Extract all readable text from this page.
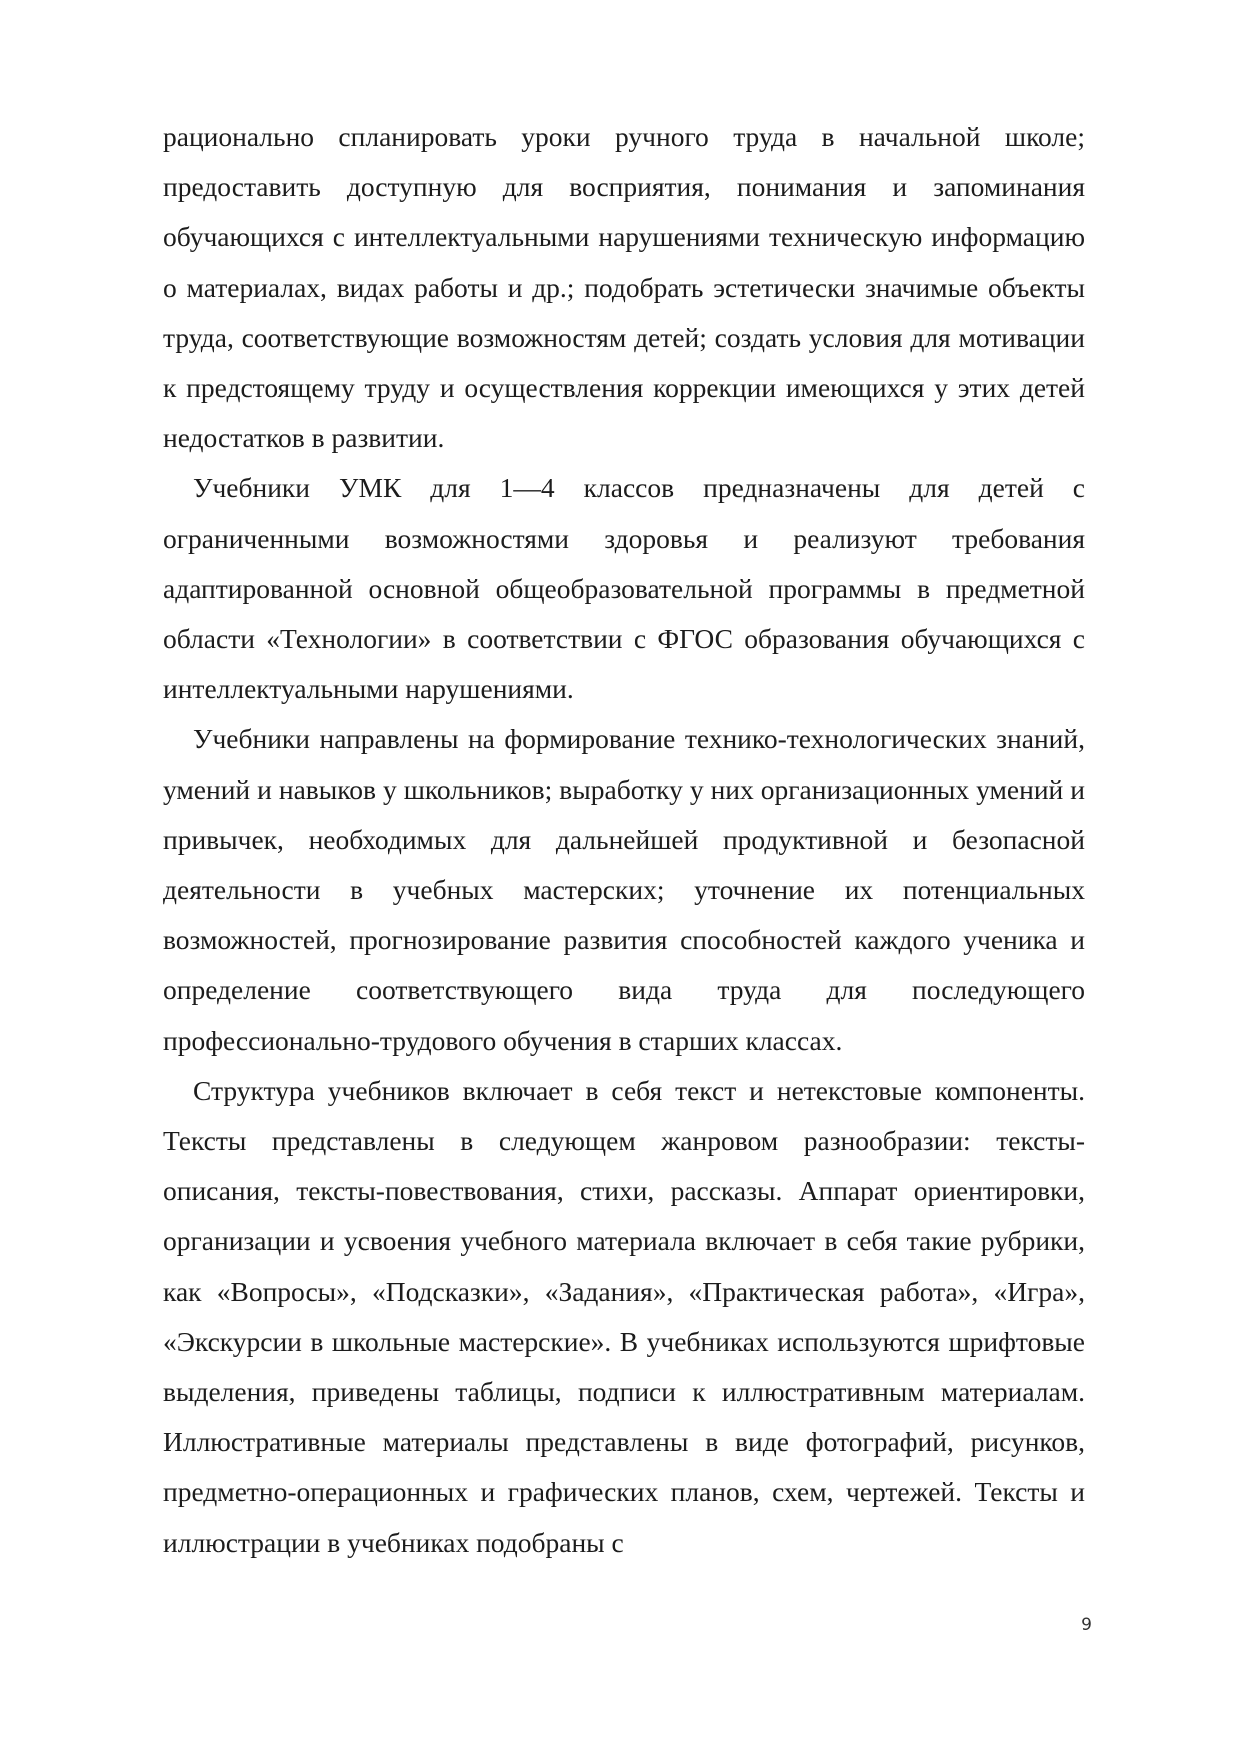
рационально спланировать уроки ручного труда в начальной школе; предоставить доступную для восприятия, понимания и запоминания обучающихся с интеллектуальными нарушениями техническую информацию о материалах, видах работы и др.; подобрать эстетически значимые объекты труда, соответствующие возможностям детей; создать условия для мотивации к предстоящему труду и осуществления коррекции имеющихся у этих детей недостатков в развитии.

Учебники УМК для 1—4 классов предназначены для детей с ограниченными возможностями здоровья и реализуют требования адаптированной основной общеобразовательной программы в предметной области «Технологии» в соответствии с ФГОС образования обучающихся с интеллектуальными нарушениями.

Учебники направлены на формирование технико-технологических знаний, умений и навыков у школьников; выработку у них организационных умений и привычек, необходимых для дальнейшей продуктивной и безопасной деятельности в учебных мастерских; уточнение их потенциальных возможностей, прогнозирование развития способностей каждого ученика и определение соответствующего вида труда для последующего профессионально-трудового обучения в старших классах.

Структура учебников включает в себя текст и нетекстовые компоненты. Тексты представлены в следующем жанровом разнообразии: тексты-описания, тексты-повествования, стихи, рассказы. Аппарат ориентировки, организации и усвоения учебного материала включает в себя такие рубрики, как «Вопросы», «Подсказки», «Задания», «Практическая работа», «Игра», «Экскурсии в школьные мастерские». В учебниках используются шрифтовые выделения, приведены таблицы, подписи к иллюстративным материалам. Иллюстративные материалы представлены в виде фотографий, рисунков, предметно-операционных и графических планов, схем, чертежей. Тексты и иллюстрации в учебниках подобраны с

9
